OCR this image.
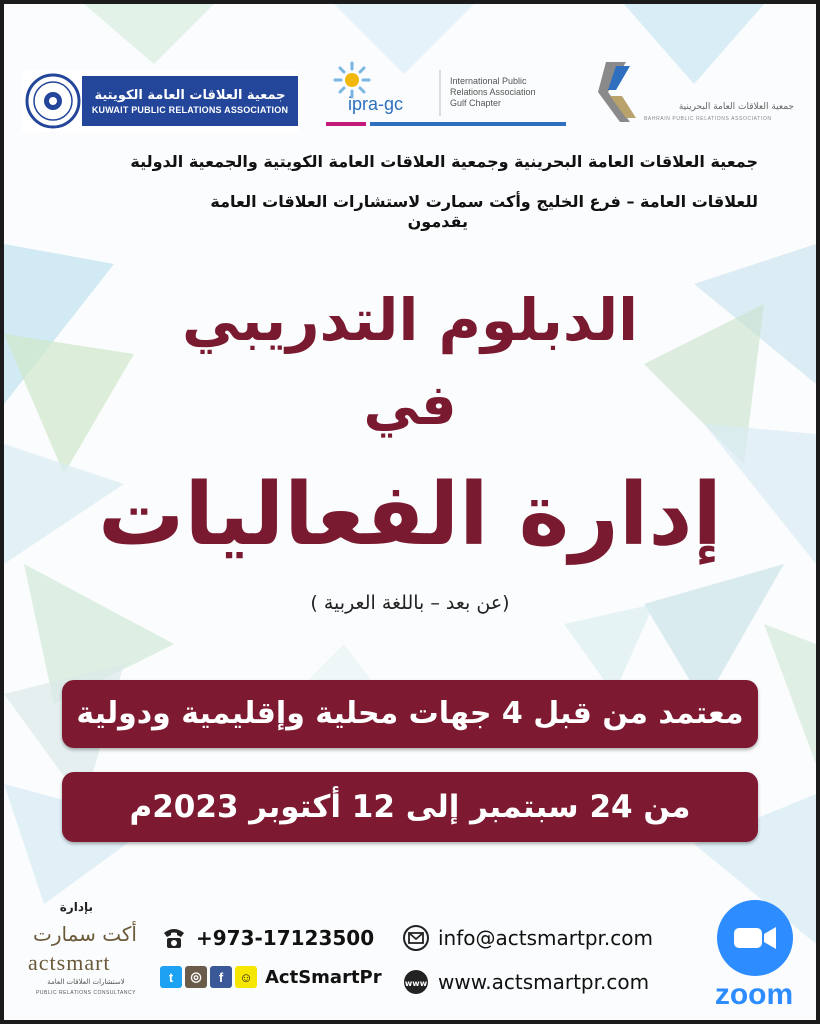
جمعية العلاقات العامة الكويتية
KUWAIT PUBLIC RELATIONS ASSOCIATION	ipra-gc
International Public
Relations Association
Gulf Chapter	جمعية العلاقات العامة البحرينية
BAHRAIN PUBLIC RELATIONS ASSOCIATION

جمعية العلاقات العامة البحرينية وجمعية العلاقات العامة الكويتية والجمعية الدولية

للعلاقات العامة – فرع الخليج وأكت سمارت لاستشارات العلاقات العامة

يقدمون

الدبلوم التدريبي
في
إدارة الفعاليات
(عن بعد – باللغة العربية )
معتمد من قبل 4 جهات محلية وإقليمية ودولية
من 24 سبتمبر إلى 12 أكتوبر 2023م
بإدارة
أكت سمارت
actsmart
لاستشارات العلاقات العامة
PUBLIC RELATIONS CONSULTANCY
+973-17123500	info@actsmartpr.com
t	◎	f	☺ ActSmartPr	www www.actsmartpr.com	zoom
